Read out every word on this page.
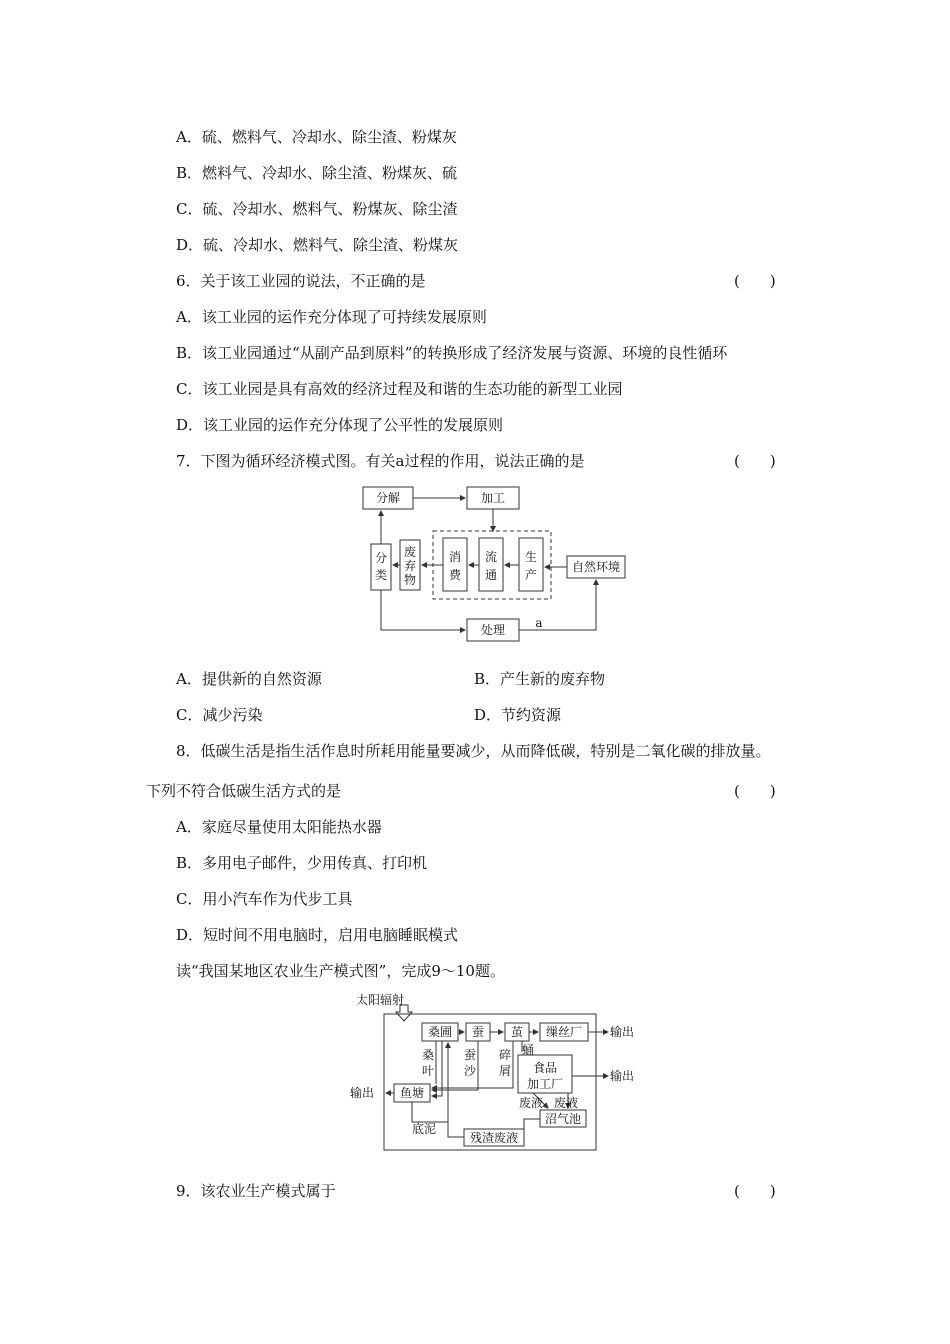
A．硫、燃料气、冷却水、除尘渣、粉煤灰
B．燃料气、冷却水、除尘渣、粉煤灰、硫
C．硫、冷却水、燃料气、粉煤灰、除尘渣
D．硫、冷却水、燃料气、除尘渣、粉煤灰
6．关于该工业园的说法，不正确的是	(　　)
A．该工业园的运作充分体现了可持续发展原则
B．该工业园通过“从副产品到原料”的转换形成了经济发展与资源、环境的良性循环
C．该工业园是具有高效的经济过程及和谐的生态功能的新型工业园
D．该工业园的运作充分体现了公平性的发展原则
7．下图为循环经济模式图。有关a过程的作用，说法正确的是	(　　)
分解	加工
分
类
废
弃
物
消
费
流
通
生
产
自然环境
处理	a
A．提供新的自然资源	B．产生新的废弃物
C．减少污染	D．节约资源
8．低碳生活是指生活作息时所耗用能量要减少，从而降低碳，特别是二氧化碳的排放量。
下列不符合低碳生活方式的是	(　　)
A．家庭尽量使用太阳能热水器
B．多用电子邮件，少用传真、打印机
C．用小汽车作为代步工具
D．短时间不用电脑时，启用电脑睡眠模式
读“我国某地区农业生产模式图”，完成9～10题。
太阳辐射
桑圃 蚕 茧 缫丝厂 输出
输出
输出
桑
叶
蚕
沙
碎
屑
蛹
食品
加工厂
鱼塘
废液 废液
沼气池
底泥
残渣废液
9．该农业生产模式属于	(　　)
